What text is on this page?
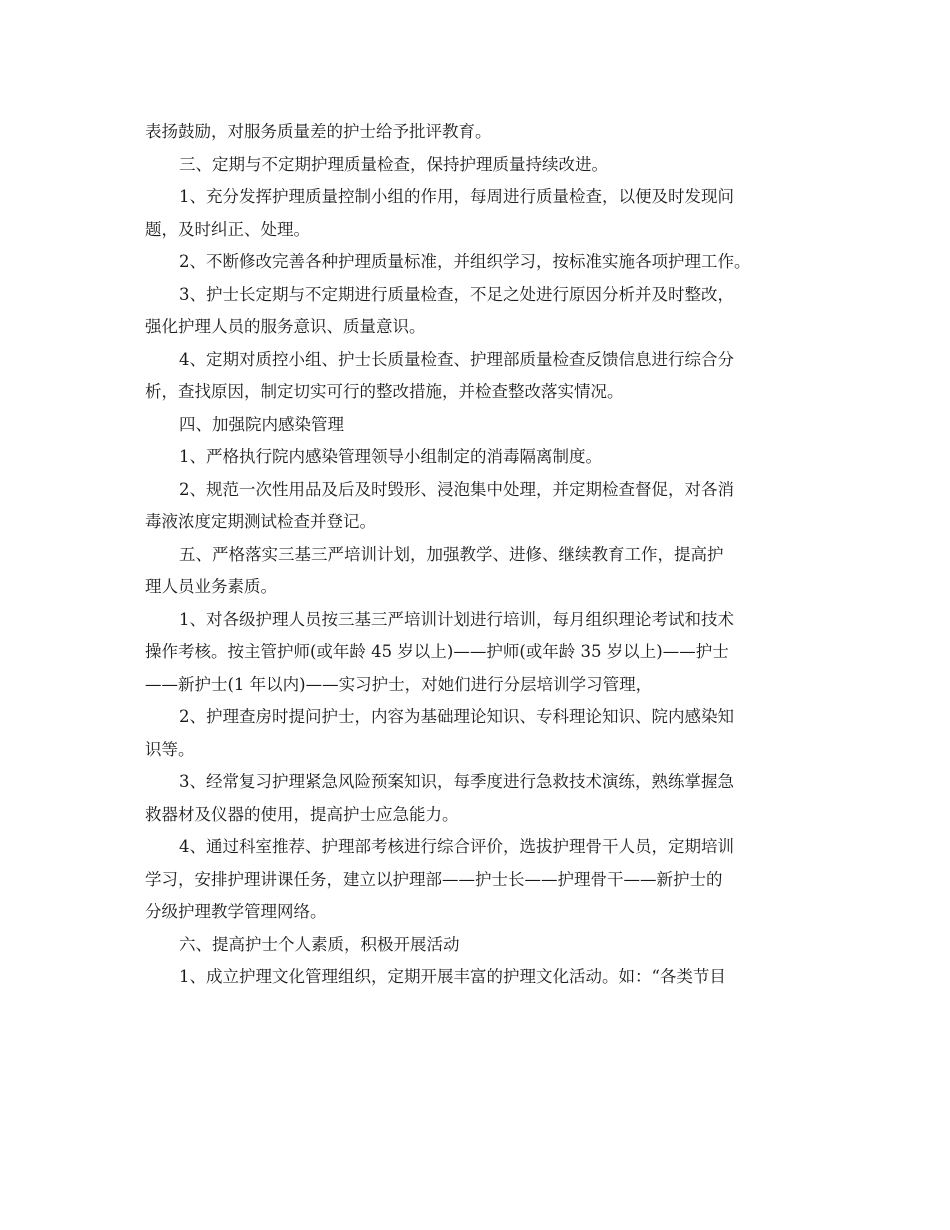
表扬鼓励，对服务质量差的护士给予批评教育。
三、定期与不定期护理质量检查，保持护理质量持续改进。
1、充分发挥护理质量控制小组的作用，每周进行质量检查，以便及时发现问
题，及时纠正、处理。
2、不断修改完善各种护理质量标准，并组织学习，按标准实施各项护理工作。
3、护士长定期与不定期进行质量检查，不足之处进行原因分析并及时整改，
强化护理人员的服务意识、质量意识。
4、定期对质控小组、护士长质量检查、护理部质量检查反馈信息进行综合分
析，查找原因，制定切实可行的整改措施，并检查整改落实情况。
四、加强院内感染管理
1、严格执行院内感染管理领导小组制定的消毒隔离制度。
2、规范一次性用品及后及时毁形、浸泡集中处理，并定期检查督促，对各消
毒液浓度定期测试检查并登记。
五、严格落实三基三严培训计划，加强教学、进修、继续教育工作，提高护
理人员业务素质。
1、对各级护理人员按三基三严培训计划进行培训，每月组织理论考试和技术
操作考核。按主管护师(或年龄 45 岁以上)——护师(或年龄 35 岁以上)——护士
——新护士(1 年以内)——实习护士，对她们进行分层培训学习管理，
2、护理查房时提问护士，内容为基础理论知识、专科理论知识、院内感染知
识等。
3、经常复习护理紧急风险预案知识，每季度进行急救技术演练，熟练掌握急
救器材及仪器的使用，提高护士应急能力。
4、通过科室推荐、护理部考核进行综合评价，选拔护理骨干人员，定期培训
学习，安排护理讲课任务，建立以护理部——护士长——护理骨干——新护士的
分级护理教学管理网络。
六、提高护士个人素质，积极开展活动
1、成立护理文化管理组织，定期开展丰富的护理文化活动。如：“各类节目
